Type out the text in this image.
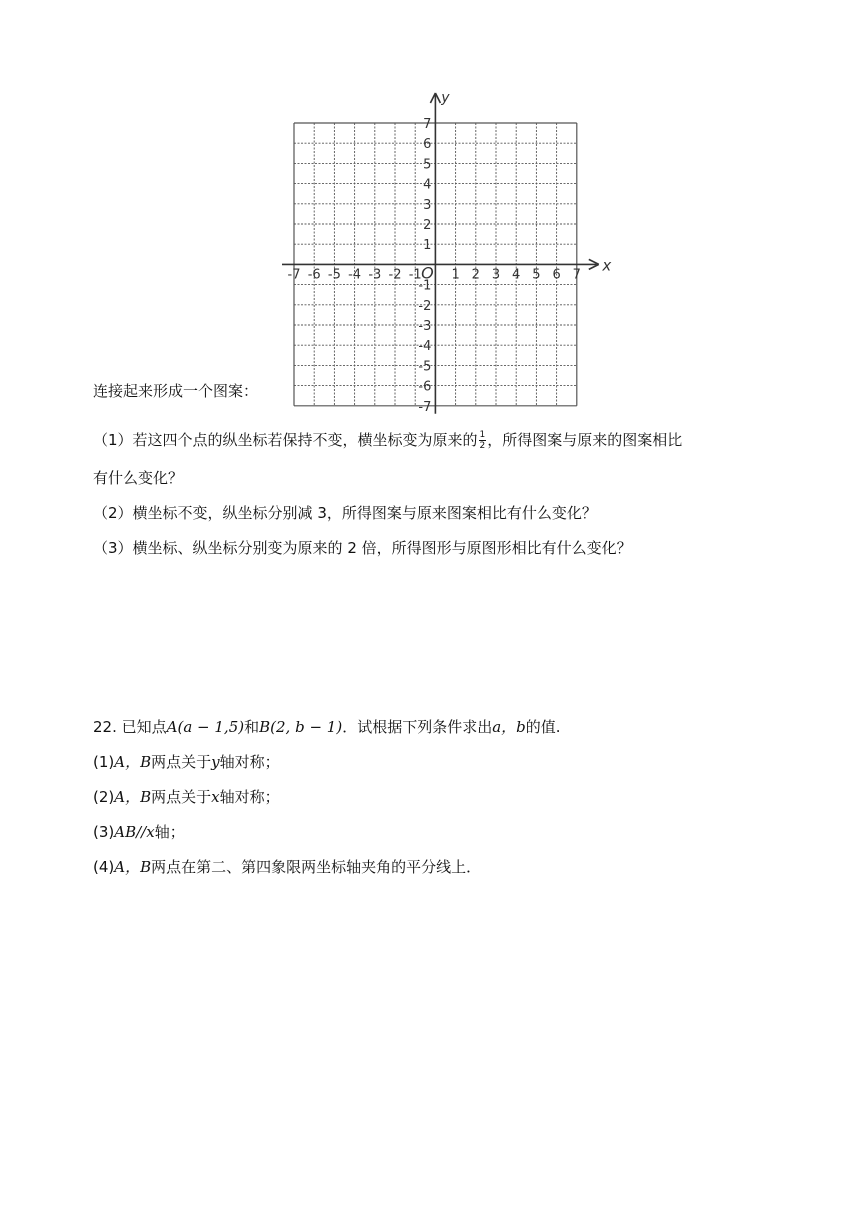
x
y
O
-7 -6 -5 -4 -3 -2 -1 1 2 3 4 5 6 7
7
6
5
4
3
2
1
-1
-2
-3
-4
-5
-6
-7
连接起来形成一个图案：
（1）若这四个点的纵坐标若保持不变，横坐标变为原来的 $\frac{1}{2}$ ，所得图案与原来的图案相比
有什么变化？
（2）横坐标不变，纵坐标分别减 3，所得图案与原来图案相比有什么变化？
（3）横坐标、纵坐标分别变为原来的 2 倍，所得图形与原图形相比有什么变化？
22. 已知点A(a − 1,5)和B(2, b − 1)．试根据下列条件求出a，b的值.
(1)A，B两点关于y轴对称；
(2)A，B两点关于x轴对称；
(3)AB//x轴；
(4)A，B两点在第二、第四象限两坐标轴夹角的平分线上．
